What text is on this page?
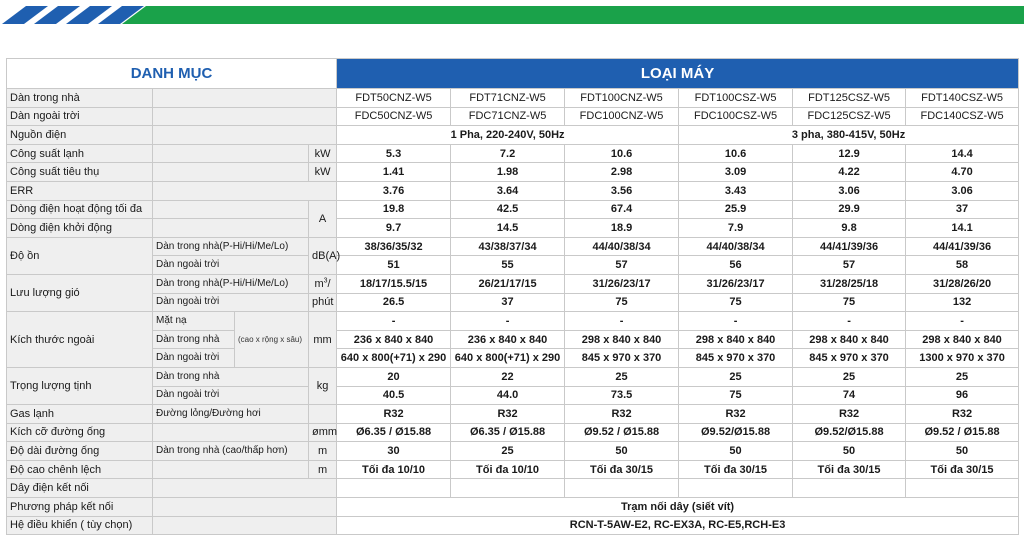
DANH MỤC				LOẠI MÁY					
Dàn trong nhà				FDT50CNZ-W5	FDT71CNZ-W5	FDT100CNZ-W5	FDT100CSZ-W5	FDT125CSZ-W5	FDT140CSZ-W5
Dàn ngoài trời				FDC50CNZ-W5	FDC71CNZ-W5	FDC100CNZ-W5	FDC100CSZ-W5	FDC125CSZ-W5	FDC140CSZ-W5
Nguồn điện				1 Pha, 220-240V, 50Hz			3 pha, 380-415V, 50Hz		
Công suất lạnh			kW	5.3	7.2	10.6	10.6	12.9	14.4
Công suất tiêu thụ			kW	1.41	1.98	2.98	3.09	4.22	4.70
ERR				3.76	3.64	3.56	3.43	3.06	3.06
Dòng điện hoạt động tối đa			A	19.8	42.5	67.4	25.9	29.9	37
Dòng điện khởi động				9.7	14.5	18.9	7.9	9.8	14.1
Độ ồn	Dàn trong nhà(P-Hi/Hi/Me/Lo)		dB(A)	38/36/35/32	43/38/37/34	44/40/38/34	44/40/38/34	44/41/39/36	44/41/39/36
	Dàn ngoài trời			51	55	57	56	57	58
Lưu lượng gió	Dàn trong nhà(P-Hi/Hi/Me/Lo)		$m^3/$	18/17/15.5/15	26/21/17/15	31/26/23/17	31/26/23/17	31/28/25/18	31/28/26/20
	Dàn ngoài trời		phút	26.5	37	75	75	75	132
Kích thước ngoài	Mặt nạ	(cao x rộng x sâu)	mm	-	-	-	-	-	-
	Dàn trong nhà			236 x 840 x 840	236 x 840 x 840	298 x 840 x 840	298 x 840 x 840	298 x 840 x 840	298 x 840 x 840
	Dàn ngoài trời			640 x 800(+71) x 290	640 x 800(+71) x 290	845 x 970 x 370	845 x 970 x 370	845 x 970 x 370	1300 x 970 x 370
Trọng lượng tịnh	Dàn trong nhà		kg	20	22	25	25	25	25
	Dàn ngoài trời			40.5	44.0	73.5	75	74	96
Gas lạnh	Đường lỏng/Đường hơi			R32	R32	R32	R32	R32	R32
Kích cỡ đường ống			ømm	Ø6.35 / Ø15.88	Ø6.35 / Ø15.88	Ø9.52 / Ø15.88	Ø9.52/Ø15.88	Ø9.52/Ø15.88	Ø9.52 / Ø15.88
Độ dài đường ống	Dàn trong nhà (cao/thấp hơn)		m	30	25	50	50	50	50
Độ cao chênh lệch			m	Tối đa 10/10	Tối đa 10/10	Tối đa 30/15	Tối đa 30/15	Tối đa 30/15	Tối đa 30/15
Dây điện kết nối									
Phương pháp kết nối				Trạm nối dây (siết vít)					
Hệ điều khiển ( tùy chọn)				RCN-T-5AW-E2, RC-EX3A, RC-E5,RCH-E3					
